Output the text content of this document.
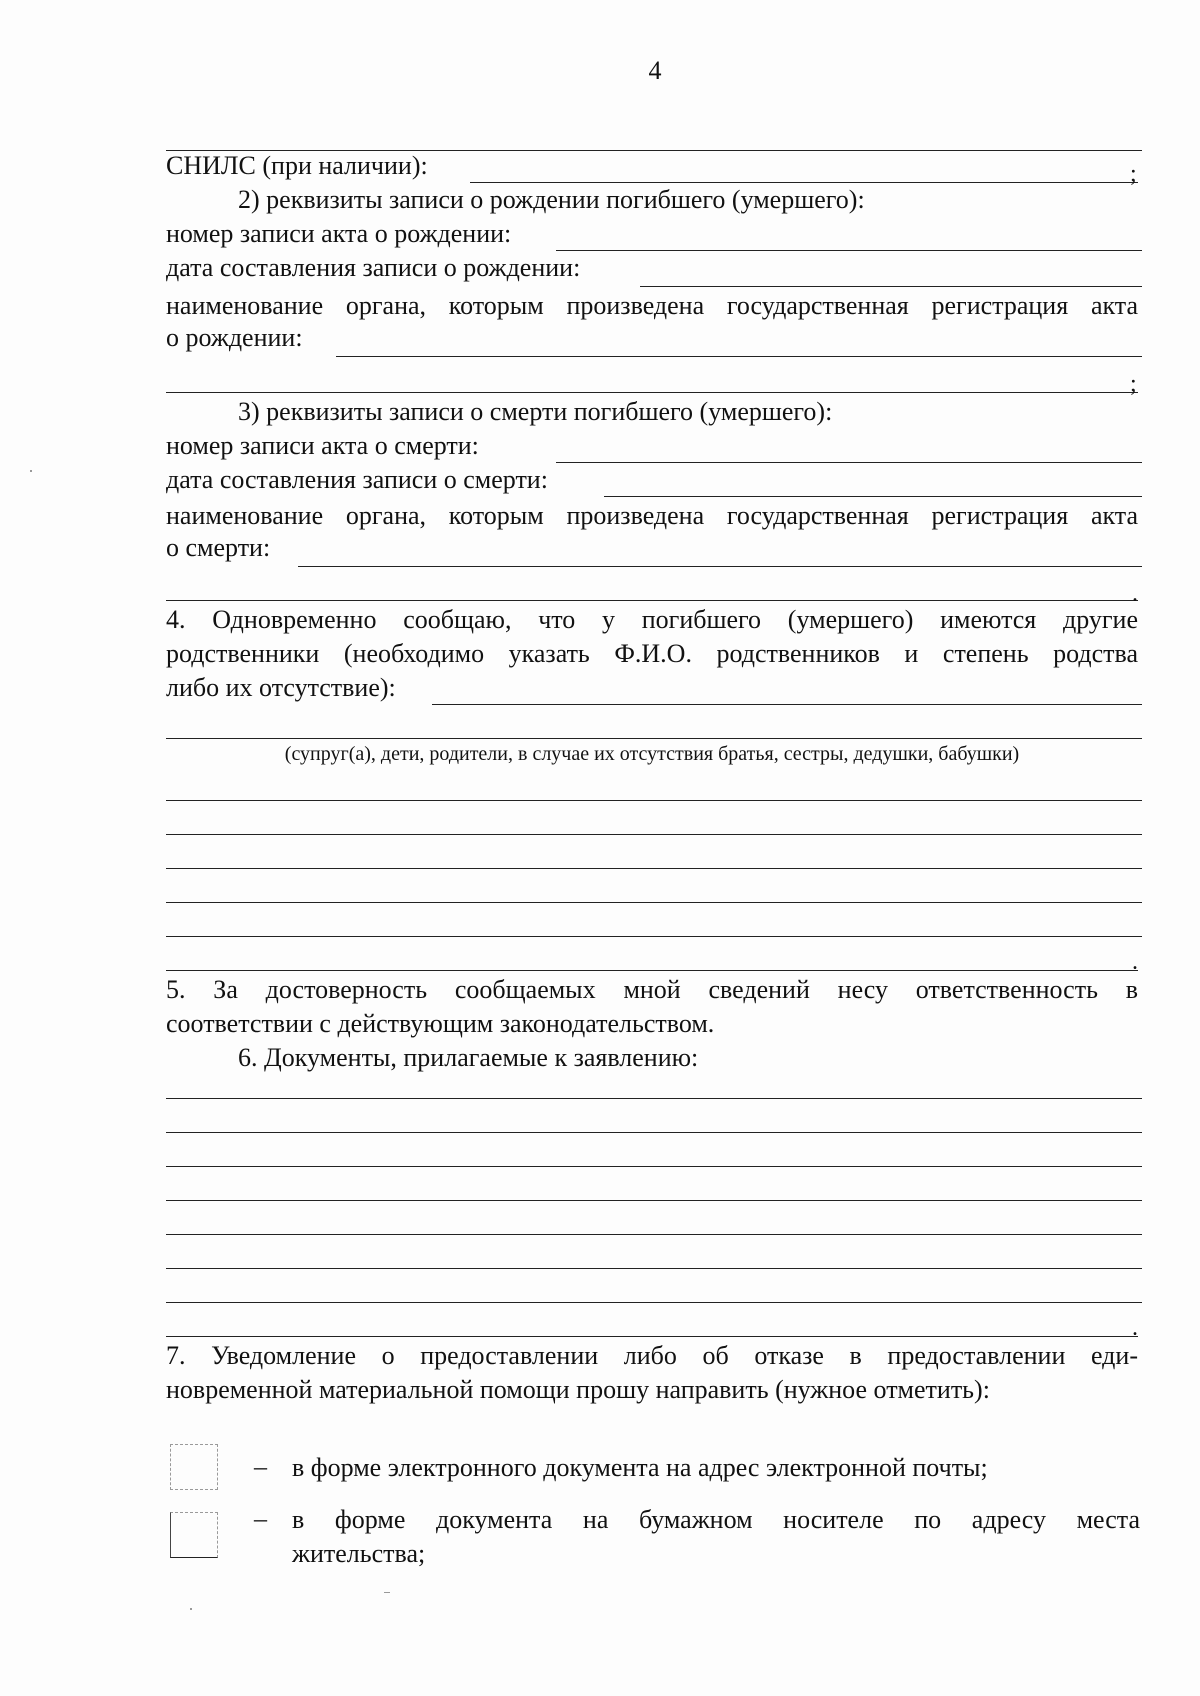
4
СНИЛС (при наличии):	;
2) реквизиты записи о рождении погибшего (умершего):
номер записи акта о рождении:
дата составления записи о рождении:
наименование органа, которым произведена государственная регистрация акта
о рождении:
;
3) реквизиты записи о смерти погибшего (умершего):
номер записи акта о смерти:
дата составления записи о смерти:
наименование органа, которым произведена государственная регистрация акта
о смерти:
.
4. Одновременно сообщаю, что у погибшего (умершего) имеются другие
родственники (необходимо указать Ф.И.О. родственников и степень родства
либо их отсутствие):
(супруг(а), дети, родители, в случае их отсутствия братья, сестры, дедушки, бабушки)
.
5. За достоверность сообщаемых мной сведений несу ответственность в
соответствии с действующим законодательством.
6. Документы, прилагаемые к заявлению:
.
7. Уведомление о предоставлении либо об отказе в предоставлении еди-
новременной материальной помощи прошу направить (нужное отметить):
– в форме электронного документа на адрес электронной почты;
– в форме документа на бумажном носителе по адресу места
жительства;
